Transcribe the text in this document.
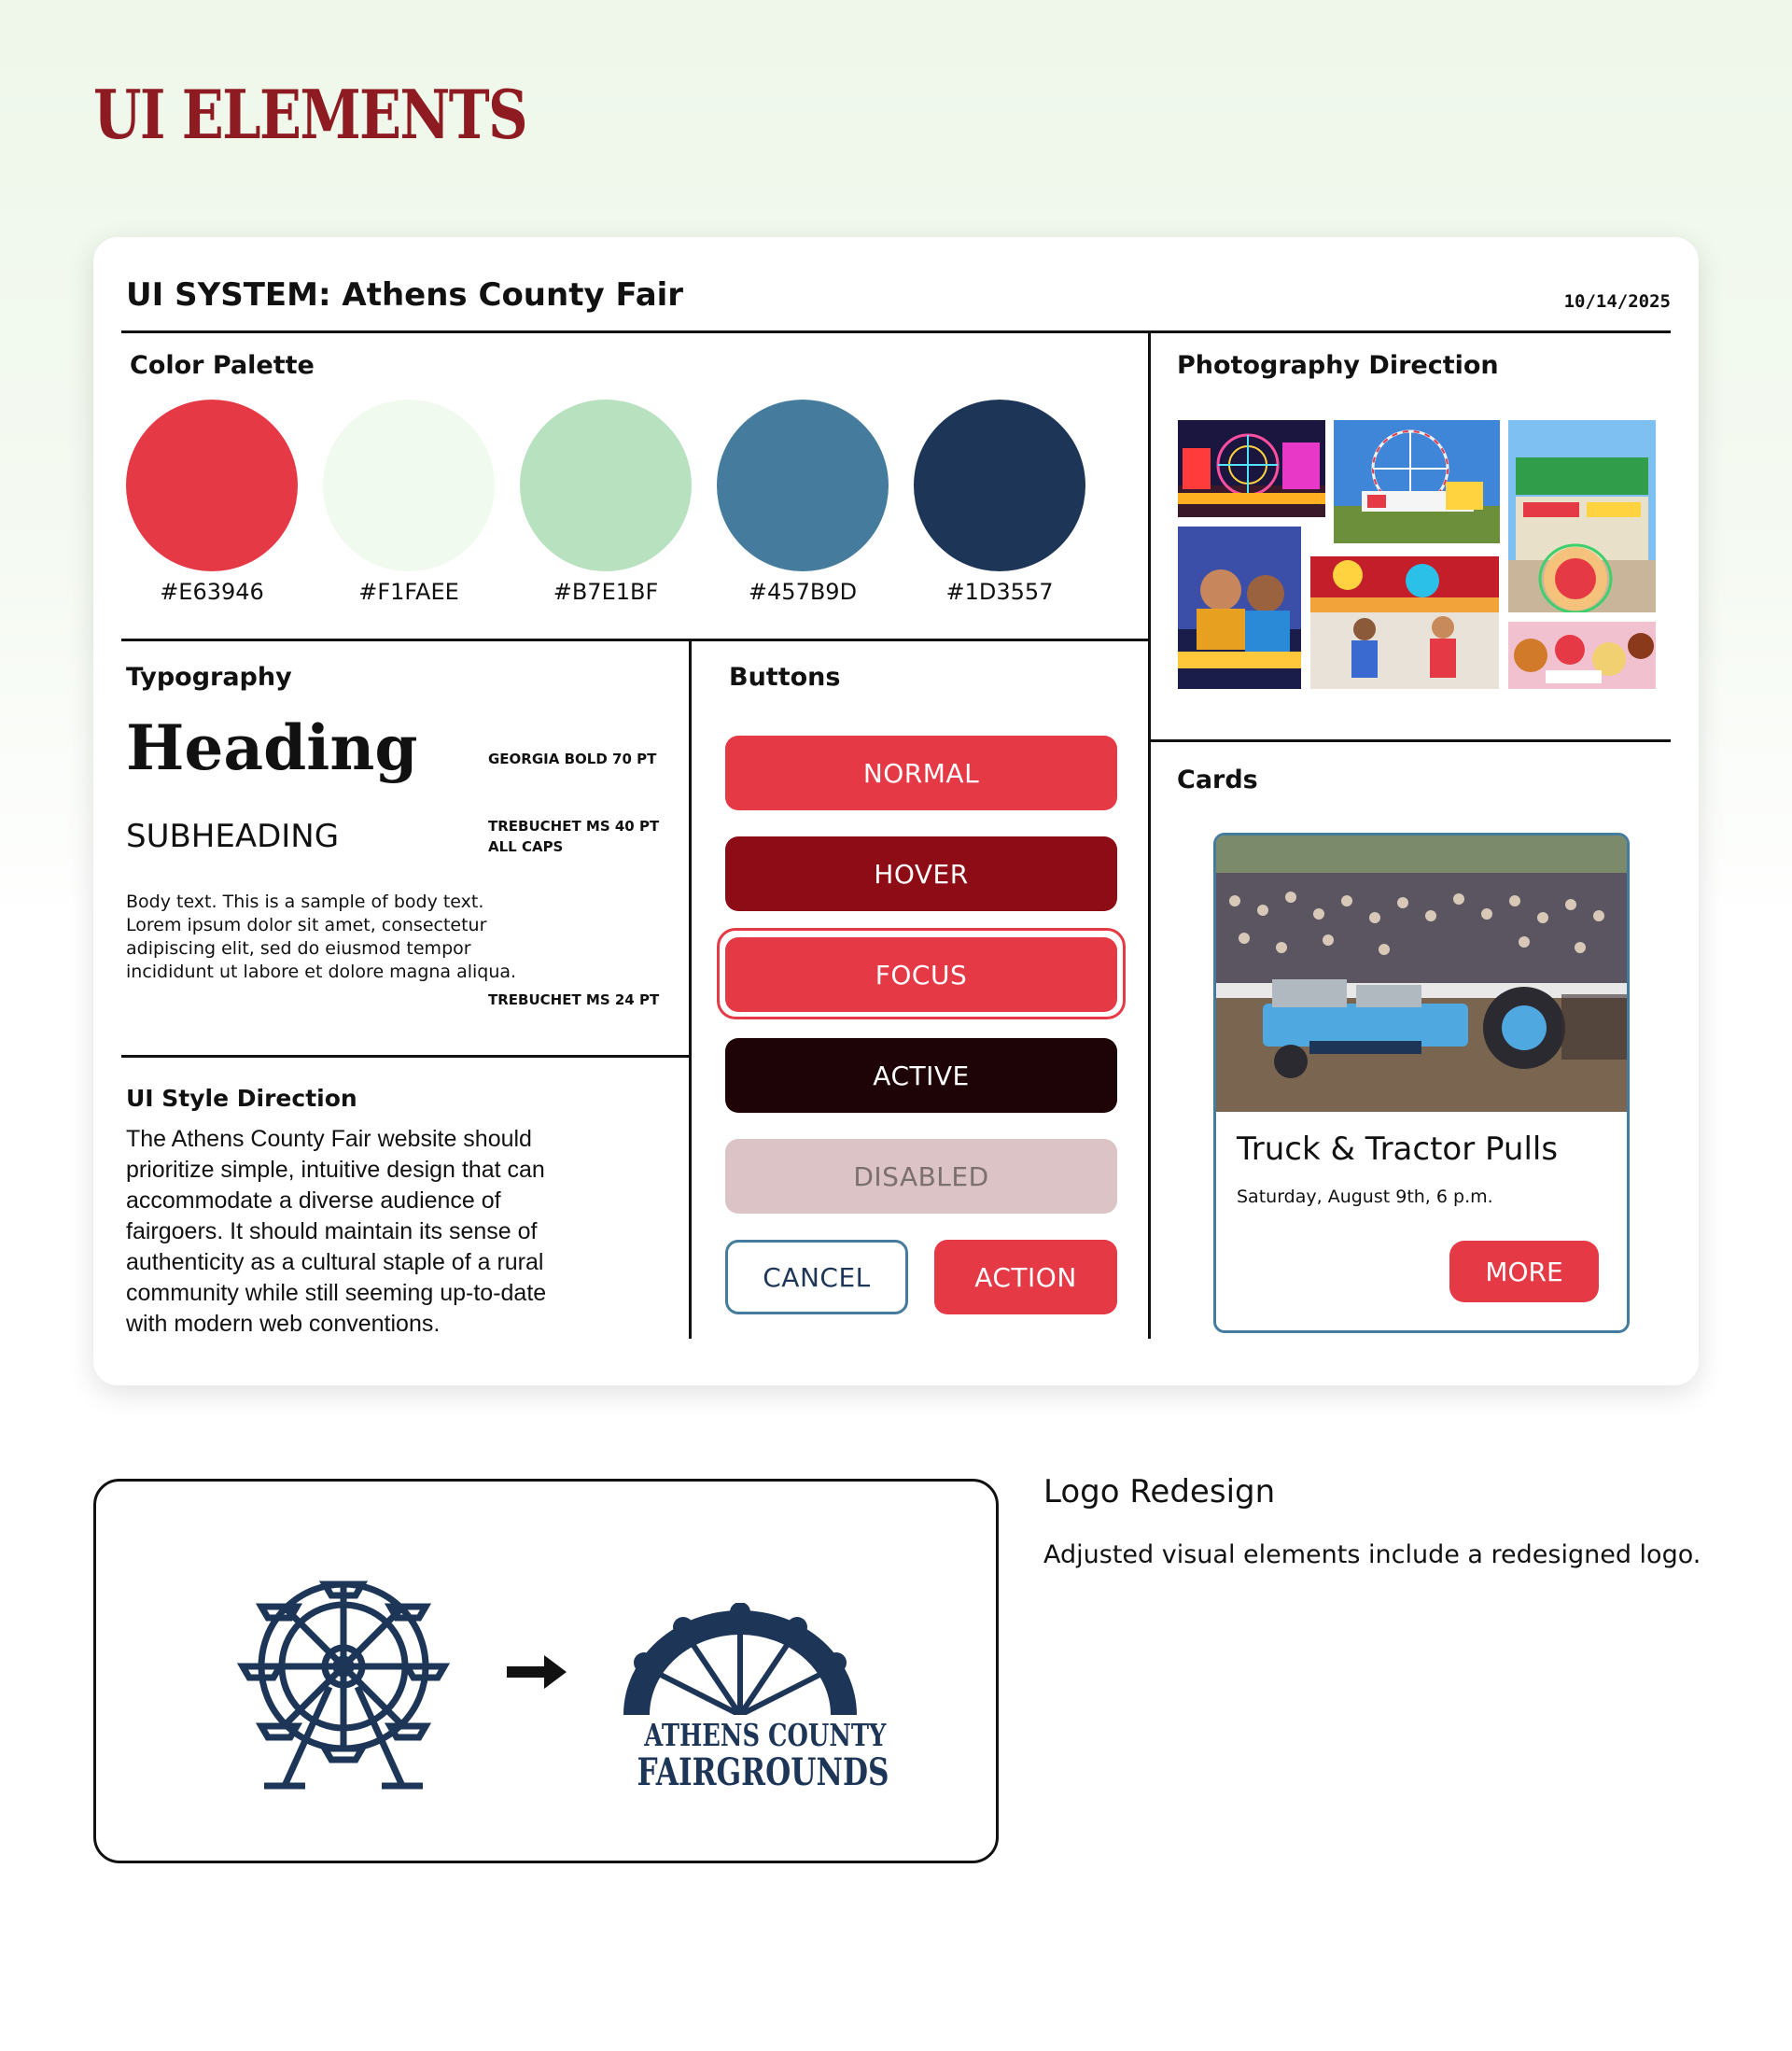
UI ELEMENTS
UI SYSTEM: Athens County Fair	10/14/2025
Color Palette
#E63946	#F1FAEE	#B7E1BF	#457B9D	#1D3557
Typography
Heading	GEORGIA BOLD 70 PT
SUBHEADING	TREBUCHET MS 40 PT
ALL CAPS
Body text. This is a sample of body text. Lorem ipsum dolor sit amet, consectetur adipiscing elit, sed do eiusmod tempor incididunt ut labore et dolore magna aliqua.
TREBUCHET MS 24 PT
UI Style Direction
The Athens County Fair website should prioritize simple, intuitive design that can accommodate a diverse audience of fairgoers. It should maintain its sense of authenticity as a cultural staple of a rural community while still seeming up-to-date with modern web conventions.
Buttons
NORMAL
HOVER
FOCUS
ACTIVE
DISABLED
CANCEL	ACTION
Photography Direction
Cards
Truck & Tractor Pulls
Saturday, August 9th, 6 p.m.
MORE
ATHENS COUNTY
FAIRGROUNDS
Logo Redesign
Adjusted visual elements include a redesigned logo.
